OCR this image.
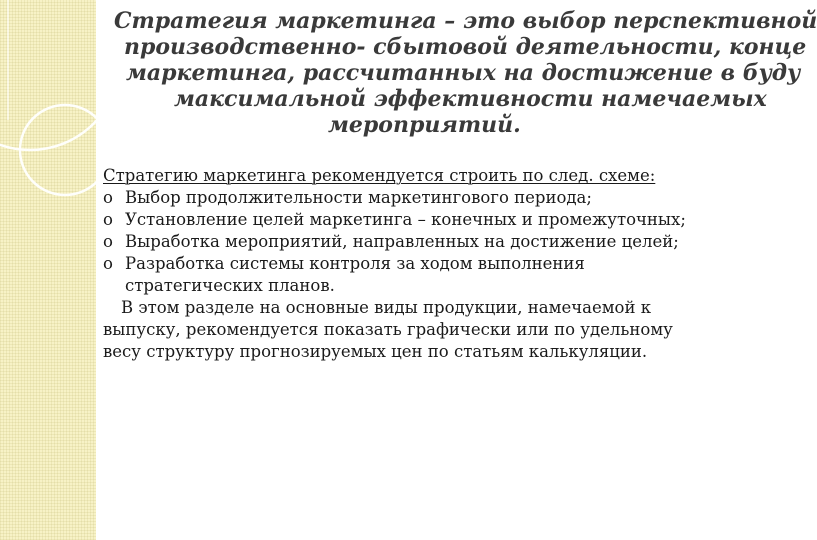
Стратегия маркетинга – это выбор перспективной
производственно- сбытовой деятельности, конце
маркетинга, рассчитанных на достижение в буду
максимальной эффективности намечаемых
мероприятий.
Стратегию маркетинга рекомендуется строить по след. схеме:
o Выбор продолжительности маркетингового периода;
o Установление целей маркетинга – конечных и промежуточных;
o Выработка мероприятий, направленных на достижение целей;
o Разработка системы контроля за ходом выполнения стратегических планов.
В этом разделе на основные виды продукции, намечаемой к выпуску, рекомендуется показать графически или по удельному весу структуру прогнозируемых цен по статьям калькуляции.
